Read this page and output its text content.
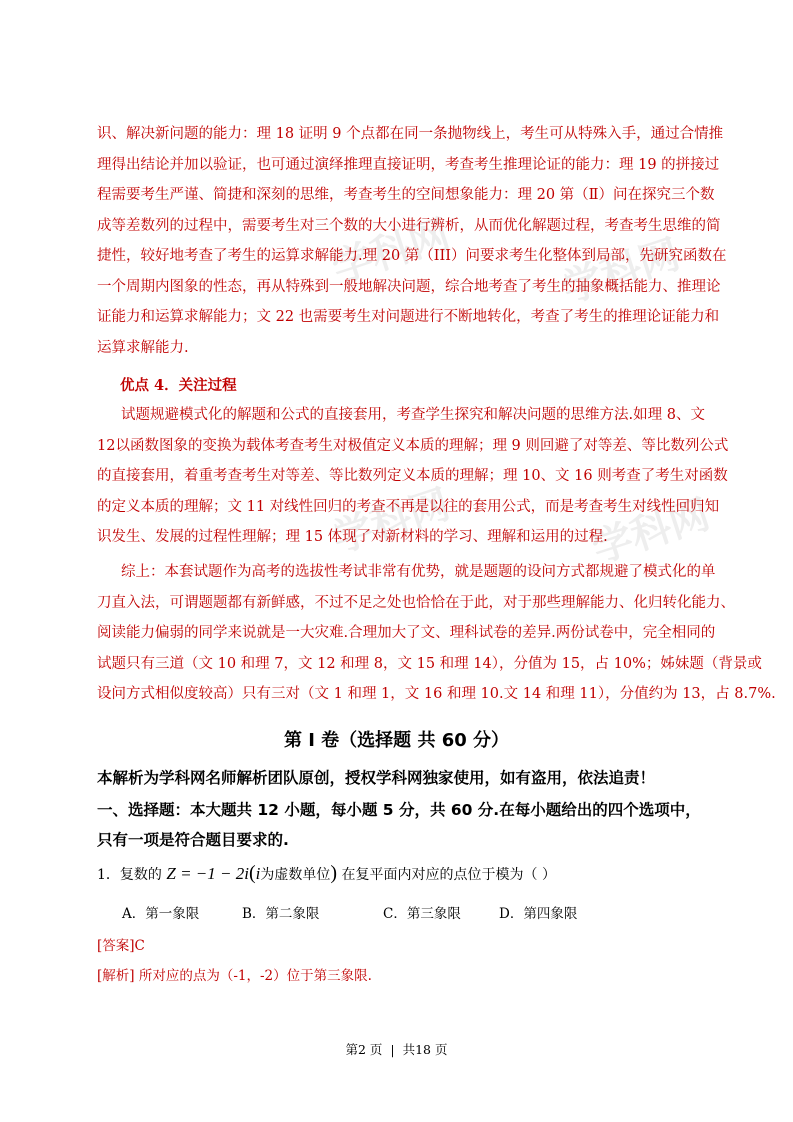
学科网	学科网
学科网	学科网
识、解决新问题的能力：理 18 证明 9 个点都在同一条抛物线上，考生可从特殊入手，通过合情推
理得出结论并加以验证，也可通过演绎推理直接证明，考查考生推理论证的能力：理 19 的拼接过
程需要考生严谨、简捷和深刻的思维，考查考生的空间想象能力：理 20 第（Ⅱ）问在探究三个数
成等差数列的过程中，需要考生对三个数的大小进行辨析，从而优化解题过程，考查考生思维的简
捷性，较好地考查了考生的运算求解能力.理 20 第（III）问要求考生化整体到局部，先研究函数在
一个周期内图象的性态，再从特殊到一般地解决问题，综合地考查了考生的抽象概括能力、推理论
证能力和运算求解能力；文 22 也需要考生对问题进行不断地转化，考查了考生的推理论证能力和
运算求解能力.
优点 4．关注过程
试题规避模式化的解题和公式的直接套用，考查学生探究和解决问题的思维方法.如理 8、文
12以函数图象的变换为载体考查考生对极值定义本质的理解；理 9 则回避了对等差、等比数列公式
的直接套用，着重考查考生对等差、等比数列定义本质的理解；理 10、文 16 则考查了考生对函数
的定义本质的理解；文 11 对线性回归的考查不再是以往的套用公式，而是考查考生对线性回归知
识发生、发展的过程性理解；理 15 体现了对新材料的学习、理解和运用的过程.
综上：本套试题作为高考的选拔性考试非常有优势，就是题题的设问方式都规避了模式化的单
刀直入法，可谓题题都有新鲜感，不过不足之处也恰恰在于此，对于那些理解能力、化归转化能力、
阅读能力偏弱的同学来说就是一大灾难.合理加大了文、理科试卷的差异.两份试卷中，完全相同的
试题只有三道（文 10 和理 7，文 12 和理 8，文 15 和理 14），分值为 15，占 10%；姊妹题（背景或
设问方式相似度较高）只有三对（文 1 和理 1，文 16 和理 10.文 14 和理 11），分值约为 13，占 8.7%.
第 I 卷（选择题 共 60 分）
本解析为学科网名师解析团队原创，授权学科网独家使用，如有盗用，依法追责！
一、选择题：本大题共 12 小题，每小题 5 分，共 60 分.在每小题给出的四个选项中，
只有一项是符合题目要求的.
1．复数的 Z = −1 − 2i(i为虚数单位) 在复平面内对应的点位于模为（ ）
A．第一象限	B．第二象限	C．第三象限	D．第四象限
[答案]C
[解析] 所对应的点为（-1，-2）位于第三象限.
第2 页 | 共18 页
